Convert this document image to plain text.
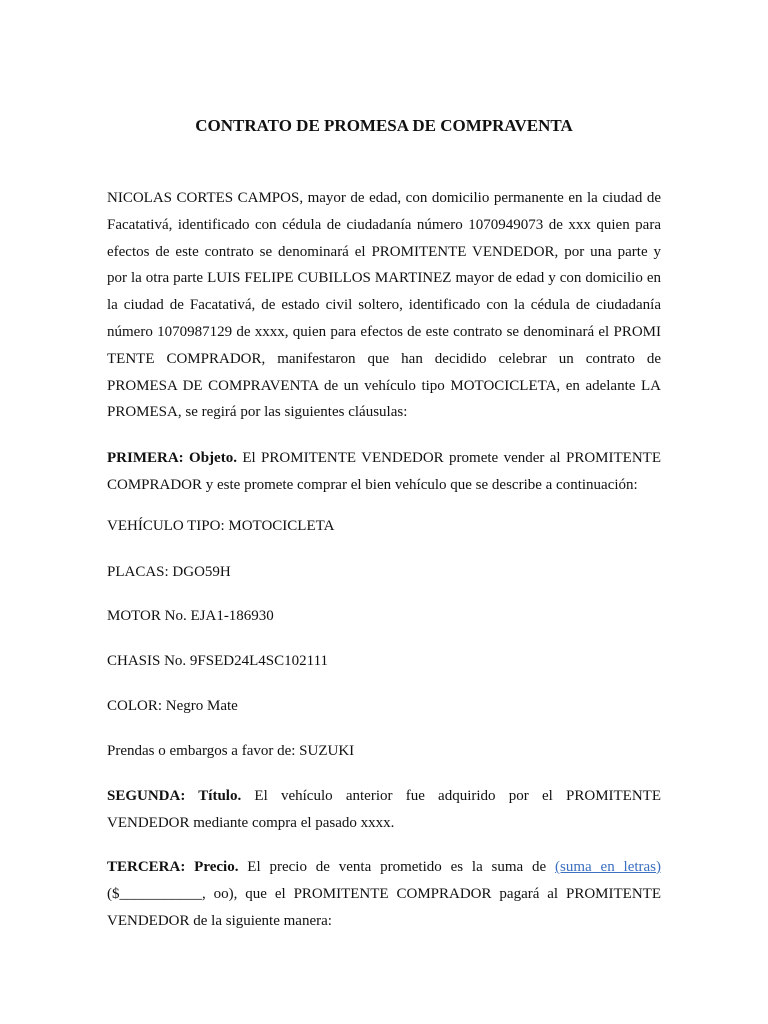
CONTRATO DE PROMESA DE COMPRAVENTA
NICOLAS CORTES CAMPOS, mayor de edad, con domicilio permanente en la ciudad de
Facatativá, identificado con cédula de ciudadanía número 1070949073 de xxx quien para
efectos de este contrato se denominará el PROMITENTE VENDEDOR, por una parte y
por la otra parte LUIS FELIPE CUBILLOS MARTINEZ mayor de edad y con domicilio en
la ciudad de Facatativá, de estado civil soltero, identificado con la cédula de ciudadanía
número 1070987129 de xxxx, quien para efectos de este contrato se denominará el PROMI
TENTE COMPRADOR, manifestaron que han decidido celebrar un contrato de
PROMESA DE COMPRAVENTA de un vehículo tipo MOTOCICLETA, en adelante LA
PROMESA, se regirá por las siguientes cláusulas:
PRIMERA: Objeto. El PROMITENTE VENDEDOR promete vender al PROMITENTE
COMPRADOR y este promete comprar el bien vehículo que se describe a continuación:

VEHÍCULO TIPO: MOTOCICLETA

PLACAS: DGO59H

MOTOR No. EJA1-186930

CHASIS No. 9FSED24L4SC102111

COLOR: Negro Mate

Prendas o embargos a favor de: SUZUKI

SEGUNDA: Título. El vehículo anterior fue adquirido por el PROMITENTE
VENDEDOR mediante compra el pasado xxxx.
TERCERA: Precio. El precio de venta prometido es la suma de (suma en letras)
($___________, oo), que el PROMITENTE COMPRADOR pagará al PROMITENTE
VENDEDOR de la siguiente manera:
